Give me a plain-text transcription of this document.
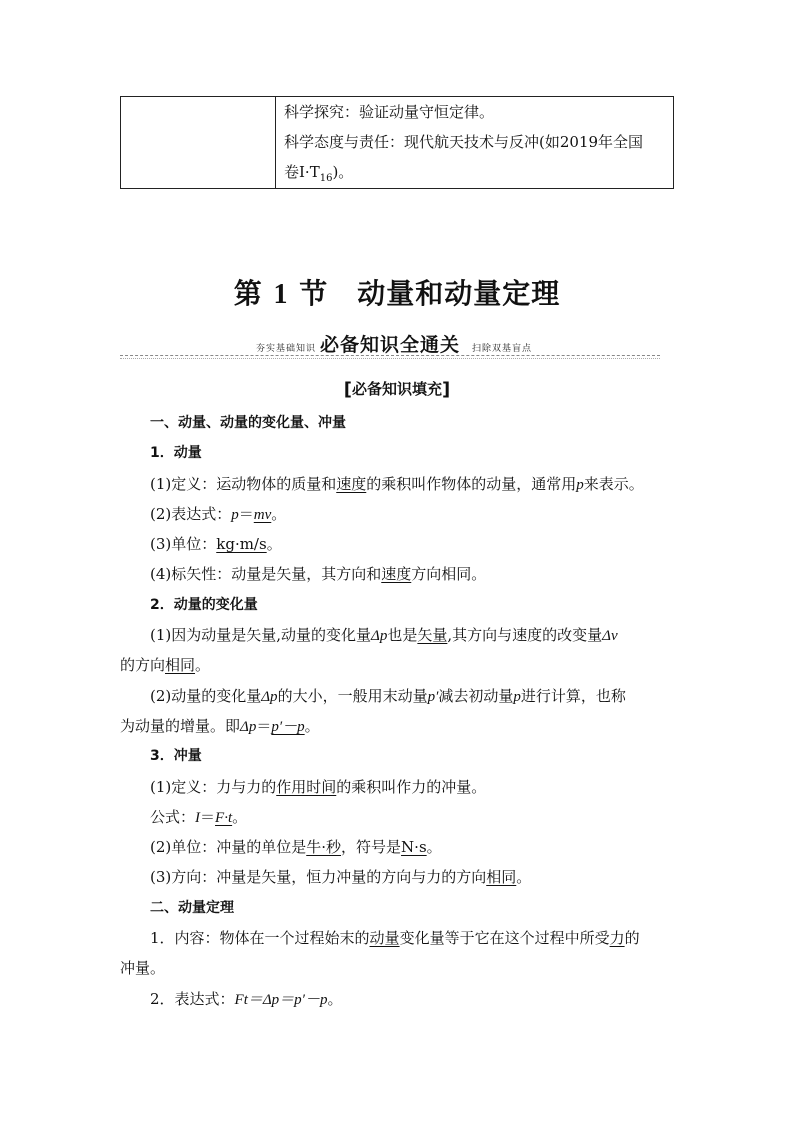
科学探究：验证动量守恒定律。
科学态度与责任：现代航天技术与反冲(如2019年全国
卷$Ⅰ\cdot T_{16}$)。
第 1 节　动量和动量定理
夯实基础知识 必备知识全通关 扫除双基盲点
[必备知识填充]
一、动量、动量的变化量、冲量
1．动量
(1)定义：运动物体的质量和速度的乘积叫作物体的动量，通常用p来表示。
(2)表达式：p＝mv。
(3)单位：kg·m/s。
(4)标矢性：动量是矢量，其方向和速度方向相同。
2．动量的变化量
(1)因为动量是矢量,动量的变化量Δp也是矢量,其方向与速度的改变量Δv
的方向相同。
(2)动量的变化量Δp的大小，一般用末动量p′减去初动量p进行计算，也称
为动量的增量。即Δp＝p′－p。
3．冲量
(1)定义：力与力的作用时间的乘积叫作力的冲量。
公式：I＝F·t。
(2)单位：冲量的单位是牛·秒，符号是N·s。
(3)方向：冲量是矢量，恒力冲量的方向与力的方向相同。
二、动量定理
1．内容：物体在一个过程始末的动量变化量等于它在这个过程中所受力的
冲量。
2．表达式：Ft＝Δp＝p′－p。
